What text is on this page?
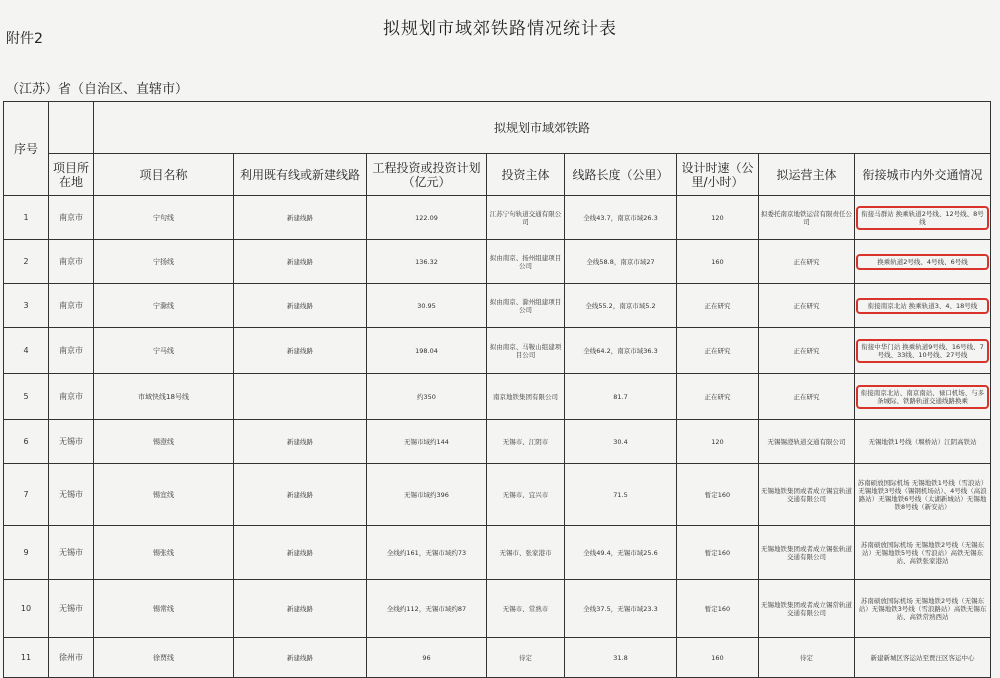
附件2	拟规划市域郊铁路情况统计表
（江苏）省（自治区、直辖市）
序号		拟规划市域郊铁路							
	项目所在地	项目名称	利用既有线或新建线路	工程投资或投资计划（亿元）	投资主体	线路长度（公里）	设计时速（公里/小时）	拟运营主体	衔接城市内外交通情况
1	南京市	宁句线	新建线路	122.09	江苏宁句轨道交通有限公司	全线43.7，南京市域26.3	120	拟委托南京地铁运营有限责任公司	衔接马群站 换乘轨道2号线、12号线、8号线

2	南京市	宁扬线	新建线路	136.32	拟由南京、扬州组建项目公司	全线58.8，南京市域27	160	正在研究	换乘轨道2号线、4号线、6号线

3	南京市	宁滁线	新建线路	30.95	拟由南京、滁州组建项目公司	全线55.2，南京市域5.2	正在研究	正在研究	衔接南京北站 换乘轨道3、4、18号线

4	南京市	宁马线	新建线路	198.04	拟由南京、马鞍山组建项目公司	全线64.2，南京市域36.3	正在研究	正在研究	衔接中华门站 换乘轨道9号线、16号线、7号线、33线、10号线、27号线

5	南京市	市域快线18号线		约350	南京地铁集团有限公司	81.7	正在研究	正在研究	衔接南京北站、南京南站、禄口机场、与多条城际、铁路轨道交通线路换乘

6	无锡市	锡澄线	新建线路	无锡市域约144	无锡市、江阴市	30.4	120	无锡锡澄轨道交通有限公司	无锡地铁1号线（堰桥站）江阴高铁站
7	无锡市	锡宜线	新建线路	无锡市域约396	无锡市、宜兴市	71.5	暂定160	无锡地铁集团或者成立锡宜轨道交通有限公司	苏南硕放国际机场 无锡地铁1号线（雪浪站）无锡地铁3号线（锡钢机场站）、4号线（高浪路站）无锡地铁6号线（太湖新城站）无锡地铁8号线（新安站）
9	无锡市	锡张线	新建线路	全线约161，无锡市域约73	无锡市、张家港市	全线49.4，无锡市域25.6	暂定160	无锡地铁集团或者成立锡张轨道交通有限公司	苏南硕放国际机场 无锡地铁2号线（无锡东站）无锡地铁5号线（雪浪站）高铁无锡东站、高铁张家港站
10	无锡市	锡常线	新建线路	全线约112，无锡市域约87	无锡市、常熟市	全线37.5，无锡市域23.3	暂定160	无锡地铁集团或者成立锡常轨道交通有限公司	苏南硕放国际机场 无锡地铁2号线（无锡东站）无锡地铁3号线（雪浪路站）高铁无锡东站、高铁常熟西站
11	徐州市	徐贾线	新建线路	96	待定	31.8	160	待定	新建新城区客运站至贾汪区客运中心
